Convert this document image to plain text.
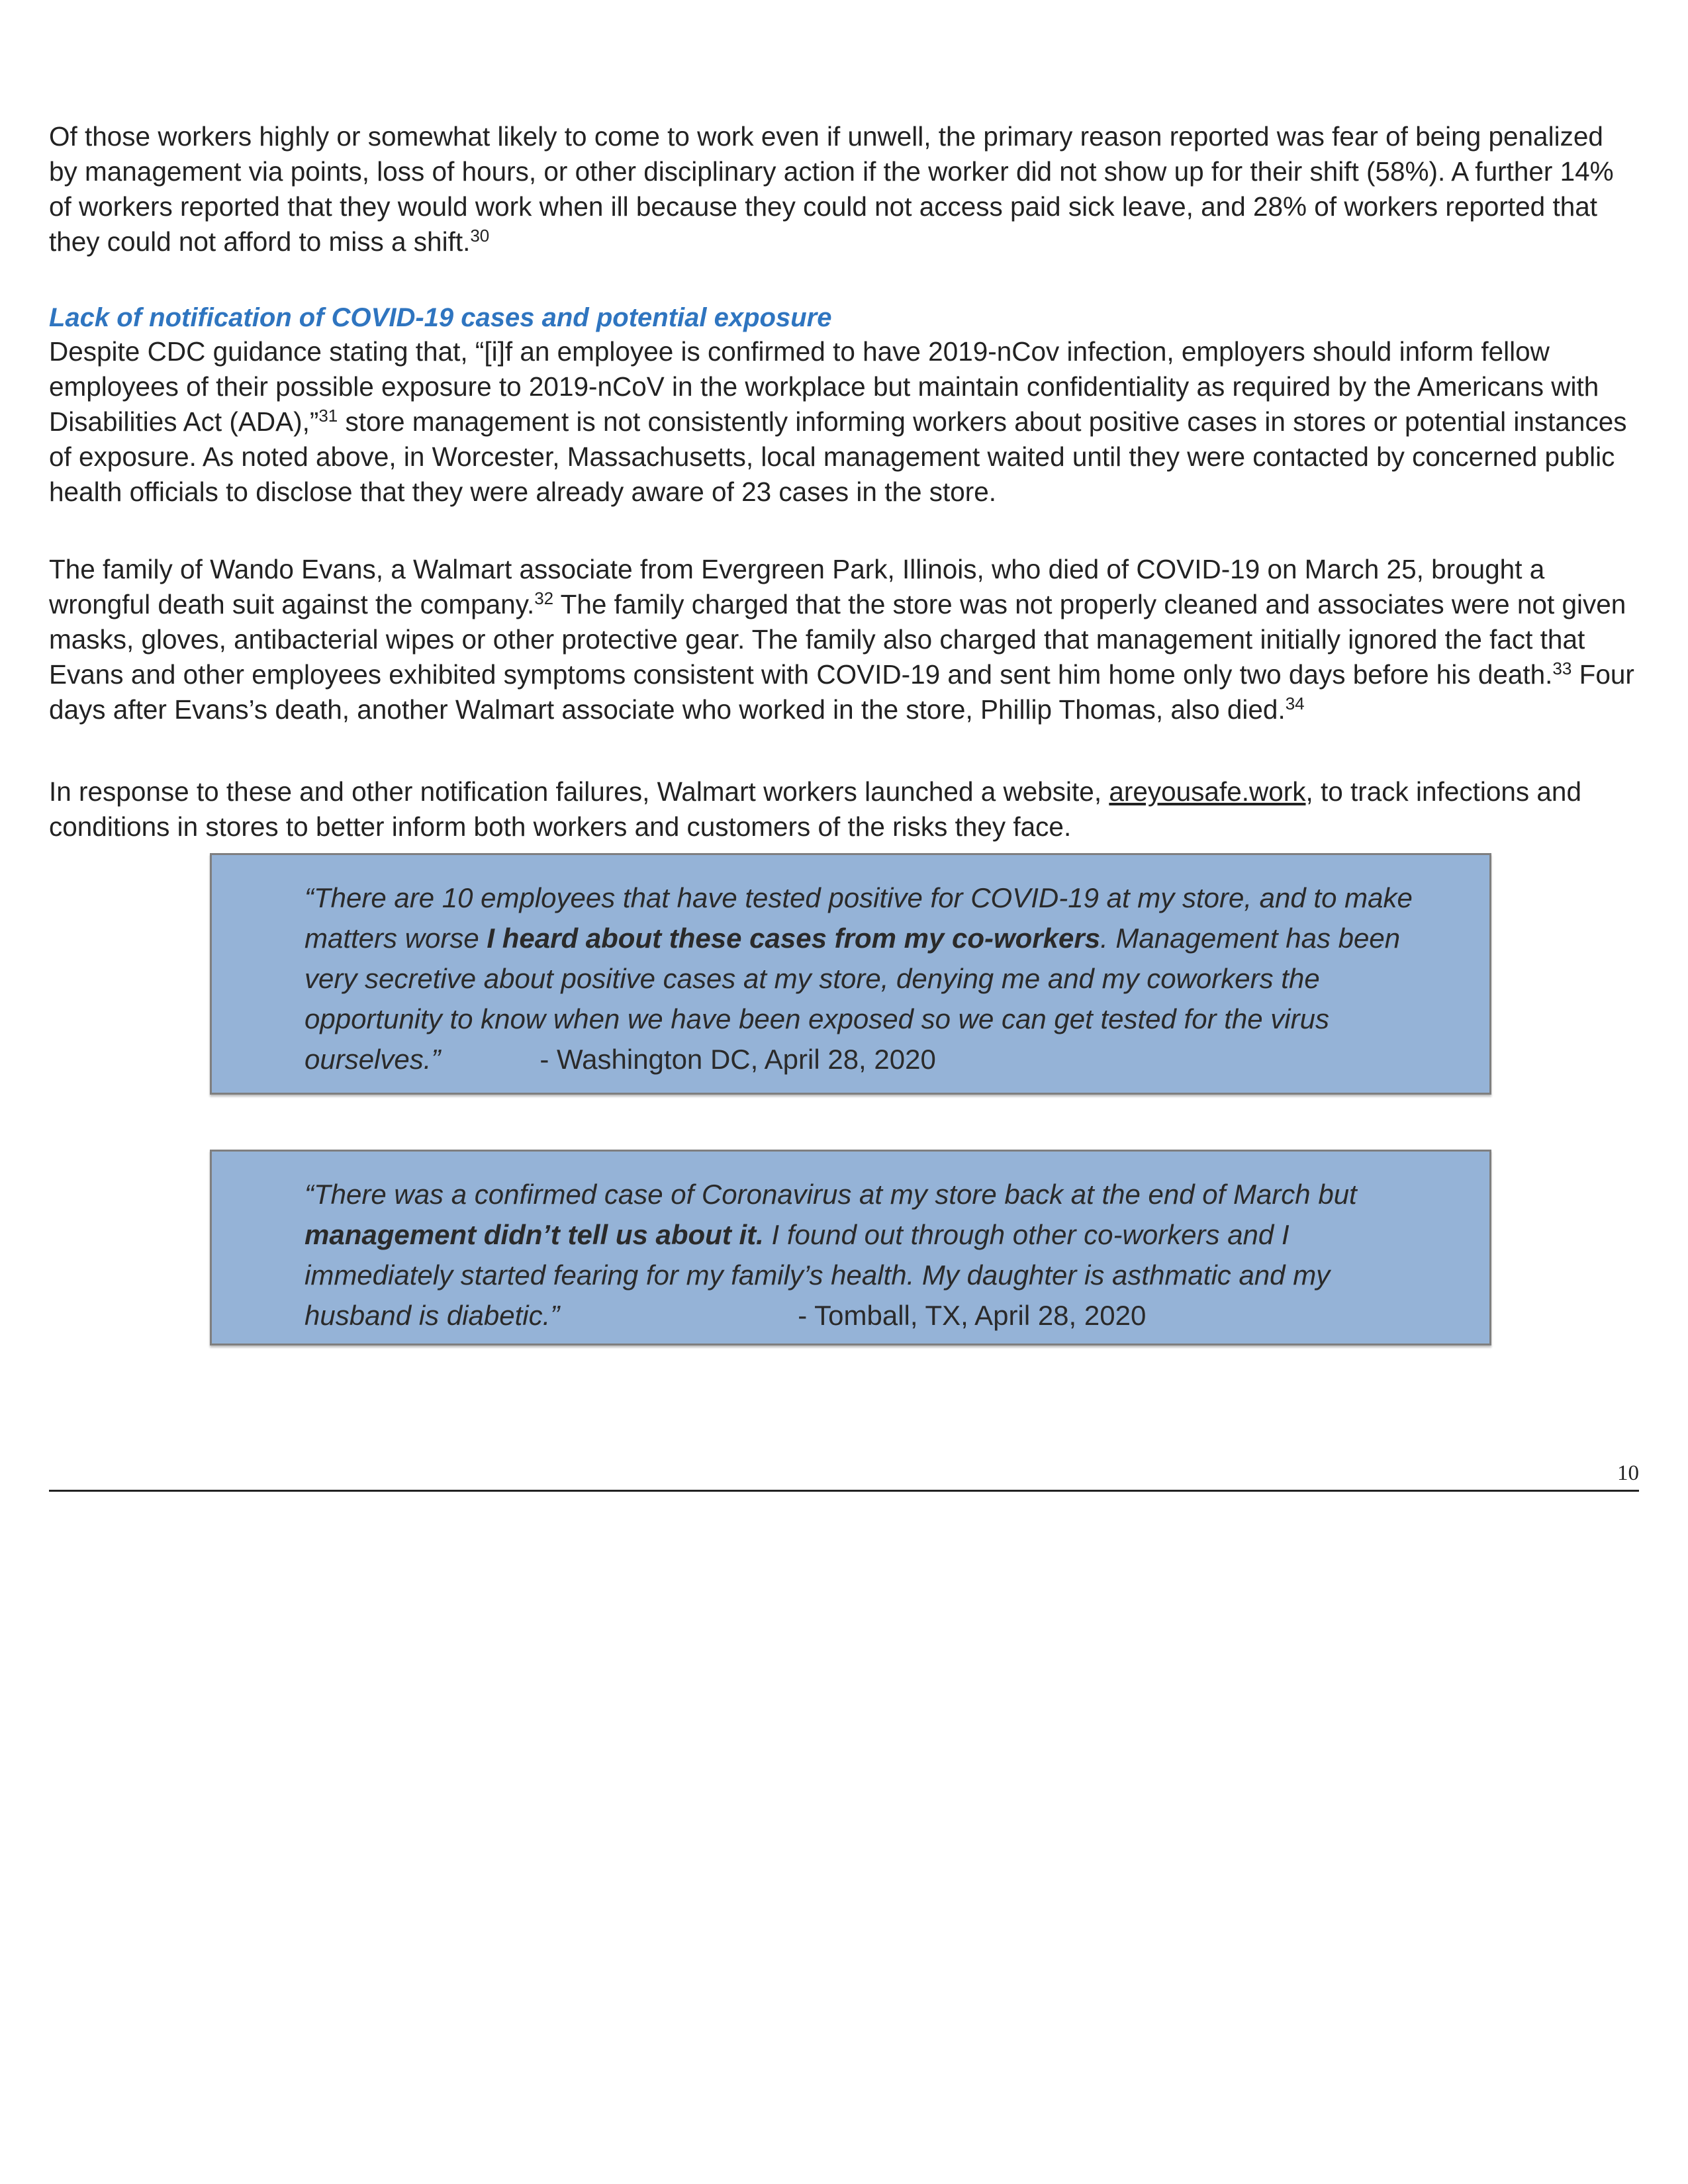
Of those workers highly or somewhat likely to come to work even if unwell, the primary reason reported was fear of being penalized by management via points, loss of hours, or other disciplinary action if the worker did not show up for their shift (58%). A further 14% of workers reported that they would work when ill because they could not access paid sick leave, and 28% of workers reported that they could not afford to miss a shift.$^{30}$
Lack of notification of COVID-19 cases and potential exposure
Despite CDC guidance stating that, “[i]f an employee is confirmed to have 2019-nCov infection, employers should inform fellow employees of their possible exposure to 2019-nCoV in the workplace but maintain confidentiality as required by the Americans with Disabilities Act (ADA),”$^{31}$ store management is not consistently informing workers about positive cases in stores or potential instances of exposure. As noted above, in Worcester, Massachusetts, local management waited until they were contacted by concerned public health officials to disclose that they were already aware of 23 cases in the store.
The family of Wando Evans, a Walmart associate from Evergreen Park, Illinois, who died of COVID-19 on March 25, brought a wrongful death suit against the company.$^{32}$ The family charged that the store was not properly cleaned and associates were not given masks, gloves, antibacterial wipes or other protective gear. The family also charged that management initially ignored the fact that Evans and other employees exhibited symptoms consistent with COVID-19 and sent him home only two days before his death.$^{33}$ Four days after Evans’s death, another Walmart associate who worked in the store, Phillip Thomas, also died.$^{34}$
In response to these and other notification failures, Walmart workers launched a website, areyousafe.work, to track infections and conditions in stores to better inform both workers and customers of the risks they face.
“There are 10 employees that have tested positive for COVID-19 at my store, and to make matters worse I heard about these cases from my co-workers. Management has been very secretive about positive cases at my store, denying me and my coworkers the opportunity to know when we have been exposed so we can get tested for the virus ourselves.”	- Washington DC, April 28, 2020
“There was a confirmed case of Coronavirus at my store back at the end of March but management didn’t tell us about it. I found out through other co-workers and I immediately started fearing for my family’s health. My daughter is asthmatic and my husband is diabetic.”	- Tomball, TX, April 28, 2020
10
